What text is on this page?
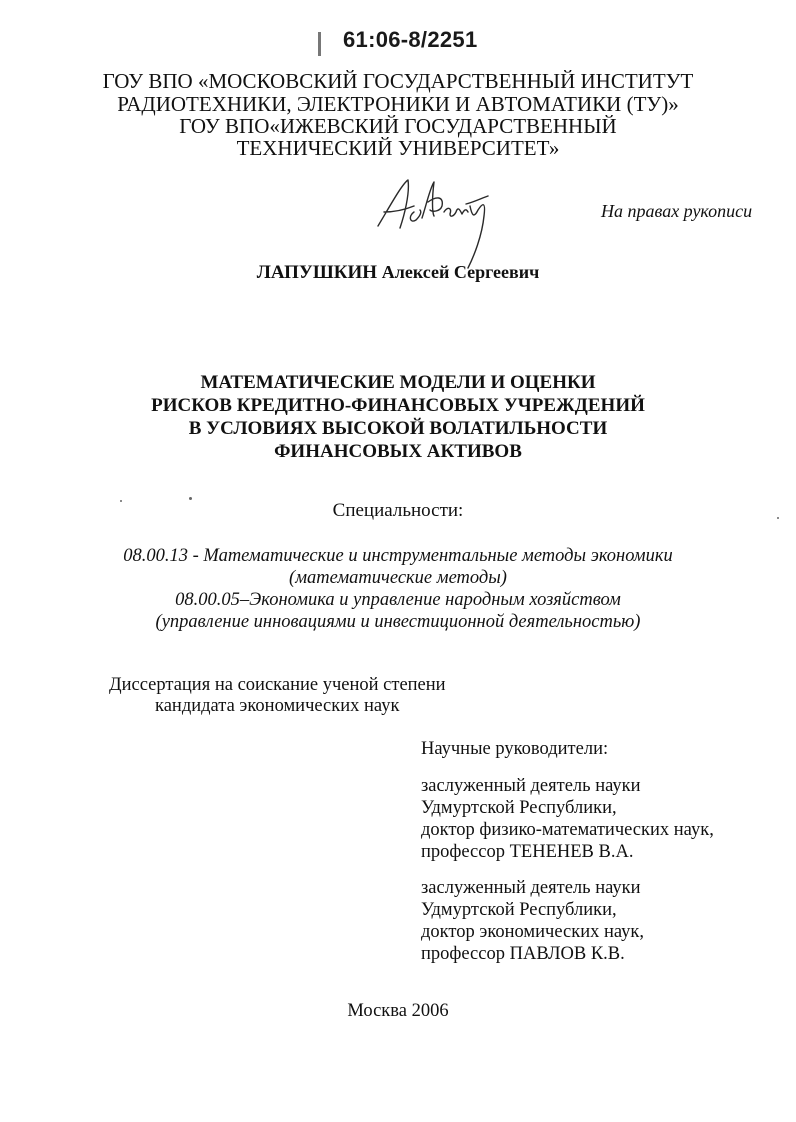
61:06-8/2251
ГОУ ВПО «МОСКОВСКИЙ ГОСУДАРСТВЕННЫЙ ИНСТИТУТ
РАДИОТЕХНИКИ, ЭЛЕКТРОНИКИ И АВТОМАТИКИ (ТУ)»
ГОУ ВПО«ИЖЕВСКИЙ ГОСУДАРСТВЕННЫЙ
ТЕХНИЧЕСКИЙ УНИВЕРСИТЕТ»
На правах рукописи
ЛАПУШКИН Алексей Сергеевич
МАТЕМАТИЧЕСКИЕ МОДЕЛИ И ОЦЕНКИ
РИСКОВ КРЕДИТНО-ФИНАНСОВЫХ УЧРЕЖДЕНИЙ
В УСЛОВИЯХ ВЫСОКОЙ ВОЛАТИЛЬНОСТИ
ФИНАНСОВЫХ АКТИВОВ
Специальности:
08.00.13 - Математические и инструментальные методы экономики
(математические методы)
08.00.05–Экономика и управление народным хозяйством
(управление инновациями и инвестиционной деятельностью)
Диссертация на соискание ученой степени
кандидата экономических наук
Научные руководители:
заслуженный деятель науки
Удмуртской Республики,
доктор физико-математических наук,
профессор ТЕНЕНЕВ В.А.
заслуженный деятель науки
Удмуртской Республики,
доктор экономических наук,
профессор ПАВЛОВ К.В.
Москва 2006
